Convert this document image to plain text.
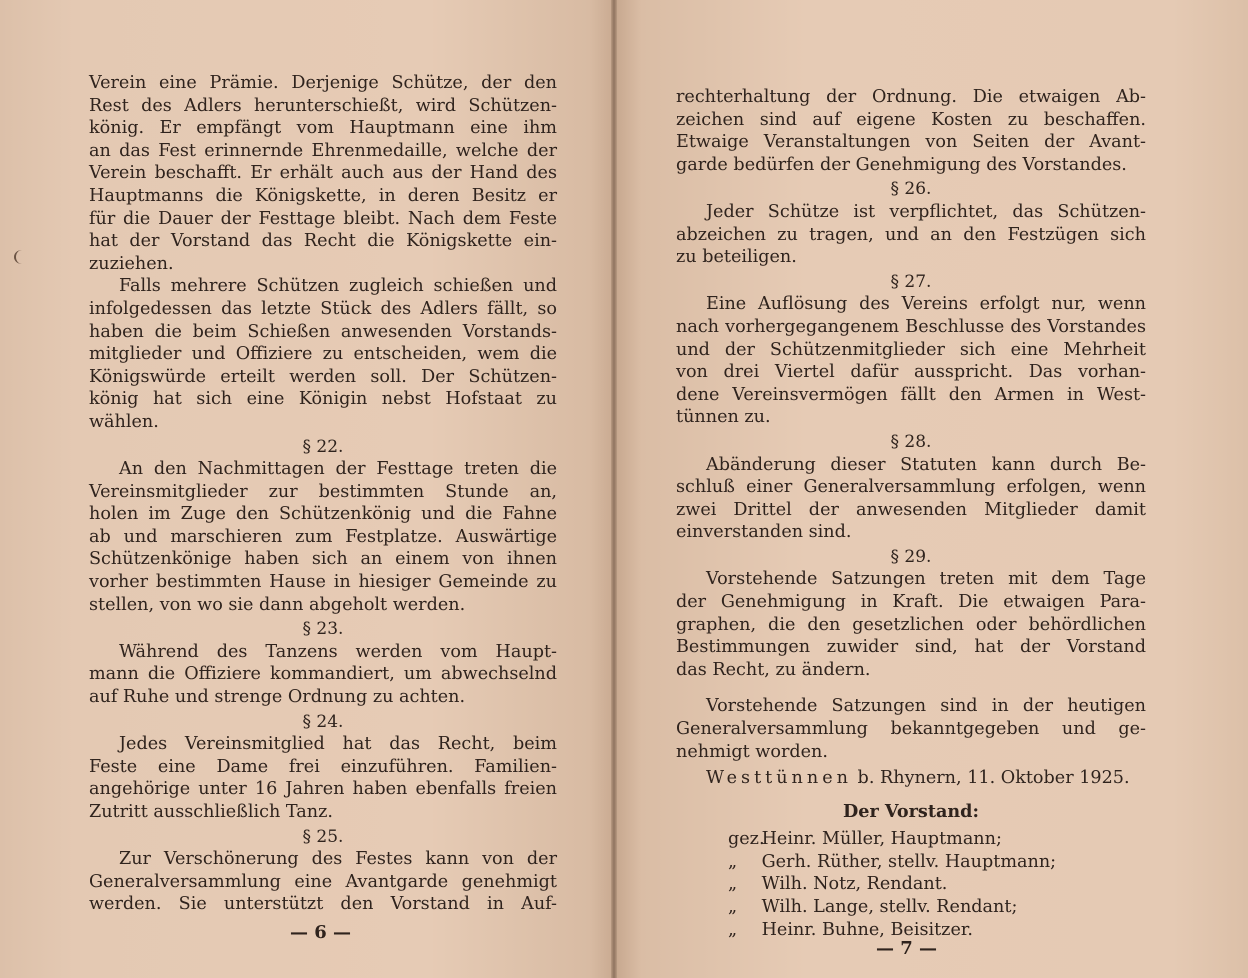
Verein eine Prämie. Derjenige Schütze, der den
Rest des Adlers herunterschießt, wird Schützen-
könig. Er empfängt vom Hauptmann eine ihm
an das Fest erinnernde Ehrenmedaille, welche der
Verein beschafft. Er erhält auch aus der Hand des
Hauptmanns die Königskette, in deren Besitz er
für die Dauer der Festtage bleibt. Nach dem Feste
hat der Vorstand das Recht die Königskette ein-
zuziehen.
Falls mehrere Schützen zugleich schießen und
infolgedessen das letzte Stück des Adlers fällt, so
haben die beim Schießen anwesenden Vorstands-
mitglieder und Offiziere zu entscheiden, wem die
Königswürde erteilt werden soll. Der Schützen-
könig hat sich eine Königin nebst Hofstaat zu
wählen.
§ 22.
An den Nachmittagen der Festtage treten die
Vereinsmitglieder zur bestimmten Stunde an,
holen im Zuge den Schützenkönig und die Fahne
ab und marschieren zum Festplatze. Auswärtige
Schützenkönige haben sich an einem von ihnen
vorher bestimmten Hause in hiesiger Gemeinde zu
stellen, von wo sie dann abgeholt werden.
§ 23.
Während des Tanzens werden vom Haupt-
mann die Offiziere kommandiert, um abwechselnd
auf Ruhe und strenge Ordnung zu achten.
§ 24.
Jedes Vereinsmitglied hat das Recht, beim
Feste eine Dame frei einzuführen. Familien-
angehörige unter 16 Jahren haben ebenfalls freien
Zutritt ausschließlich Tanz.
§ 25.
Zur Verschönerung des Festes kann von der
Generalversammlung eine Avantgarde genehmigt
werden. Sie unterstützt den Vorstand in Auf-
— 6 —
rechterhaltung der Ordnung. Die etwaigen Ab-
zeichen sind auf eigene Kosten zu beschaffen.
Etwaige Veranstaltungen von Seiten der Avant-
garde bedürfen der Genehmigung des Vorstandes.
§ 26.
Jeder Schütze ist verpflichtet, das Schützen-
abzeichen zu tragen, und an den Festzügen sich
zu beteiligen.
§ 27.
Eine Auflösung des Vereins erfolgt nur, wenn
nach vorhergegangenem Beschlusse des Vorstandes
und der Schützenmitglieder sich eine Mehrheit
von drei Viertel dafür ausspricht. Das vorhan-
dene Vereinsvermögen fällt den Armen in West-
tünnen zu.
§ 28.
Abänderung dieser Statuten kann durch Be-
schluß einer Generalversammlung erfolgen, wenn
zwei Drittel der anwesenden Mitglieder damit
einverstanden sind.
§ 29.
Vorstehende Satzungen treten mit dem Tage
der Genehmigung in Kraft. Die etwaigen Para-
graphen, die den gesetzlichen oder behördlichen
Bestimmungen zuwider sind, hat der Vorstand
das Recht, zu ändern.
Vorstehende Satzungen sind in der heutigen
Generalversammlung bekanntgegeben und ge-
nehmigt worden.
Westtünnen b. Rhynern, 11. Oktober 1925.
Der Vorstand:
gez. Heinr. Müller, Hauptmann;
„ Gerh. Rüther, stellv. Hauptmann;
„ Wilh. Notz, Rendant.
„ Wilh. Lange, stellv. Rendant;
„ Heinr. Buhne, Beisitzer.
— 7 —
